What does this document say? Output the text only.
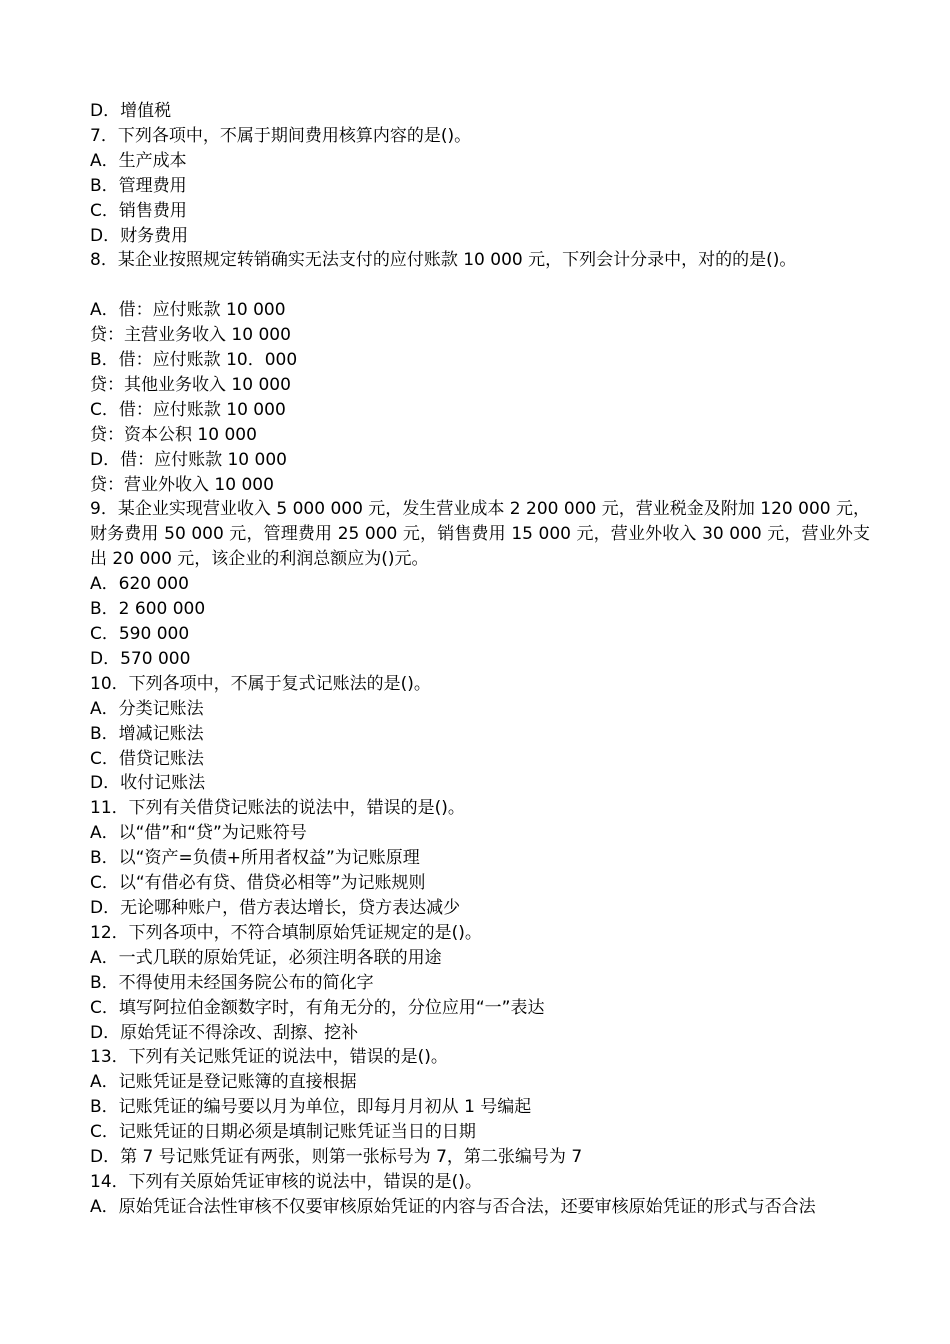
D．增值税
7．下列各项中，不属于期间费用核算内容的是()。
A．生产成本
B．管理费用
C．销售费用
D．财务费用
8．某企业按照规定转销确实无法支付的应付账款 10 000 元，下列会计分录中，对的的是()。
A．借：应付账款 10 000
贷：主营业务收入 10 000
B．借：应付账款 10．000
贷：其他业务收入 10 000
C．借：应付账款 10 000
贷：资本公积 10 000
D．借：应付账款 10 000
贷：营业外收入 10 000
9．某企业实现营业收入 5 000 000 元，发生营业成本 2 200 000 元，营业税金及附加 120 000 元，财务费用 50 000 元，管理费用 25 000 元，销售费用 15 000 元，营业外收入 30 000 元，营业外支出 20 000 元，该企业的利润总额应为()元。
A．620 000
B．2 600 000
C．590 000
D．570 000
10．下列各项中，不属于复式记账法的是()。
A．分类记账法
B．增减记账法
C．借贷记账法
D．收付记账法
11．下列有关借贷记账法的说法中，错误的是()。
A．以“借”和“贷”为记账符号
B．以“资产=负债+所用者权益”为记账原理
C．以“有借必有贷、借贷必相等”为记账规则
D．无论哪种账户，借方表达增长，贷方表达减少
12．下列各项中，不符合填制原始凭证规定的是()。
A．一式几联的原始凭证，必须注明各联的用途
B．不得使用未经国务院公布的简化字
C．填写阿拉伯金额数字时，有角无分的，分位应用“一”表达
D．原始凭证不得涂改、刮擦、挖补
13．下列有关记账凭证的说法中，错误的是()。
A．记账凭证是登记账簿的直接根据
B．记账凭证的编号要以月为单位，即每月月初从 1 号编起
C．记账凭证的日期必须是填制记账凭证当日的日期
D．第 7 号记账凭证有两张，则第一张标号为 7，第二张编号为 7
14．下列有关原始凭证审核的说法中，错误的是()。
A．原始凭证合法性审核不仅要审核原始凭证的内容与否合法，还要审核原始凭证的形式与否合法
